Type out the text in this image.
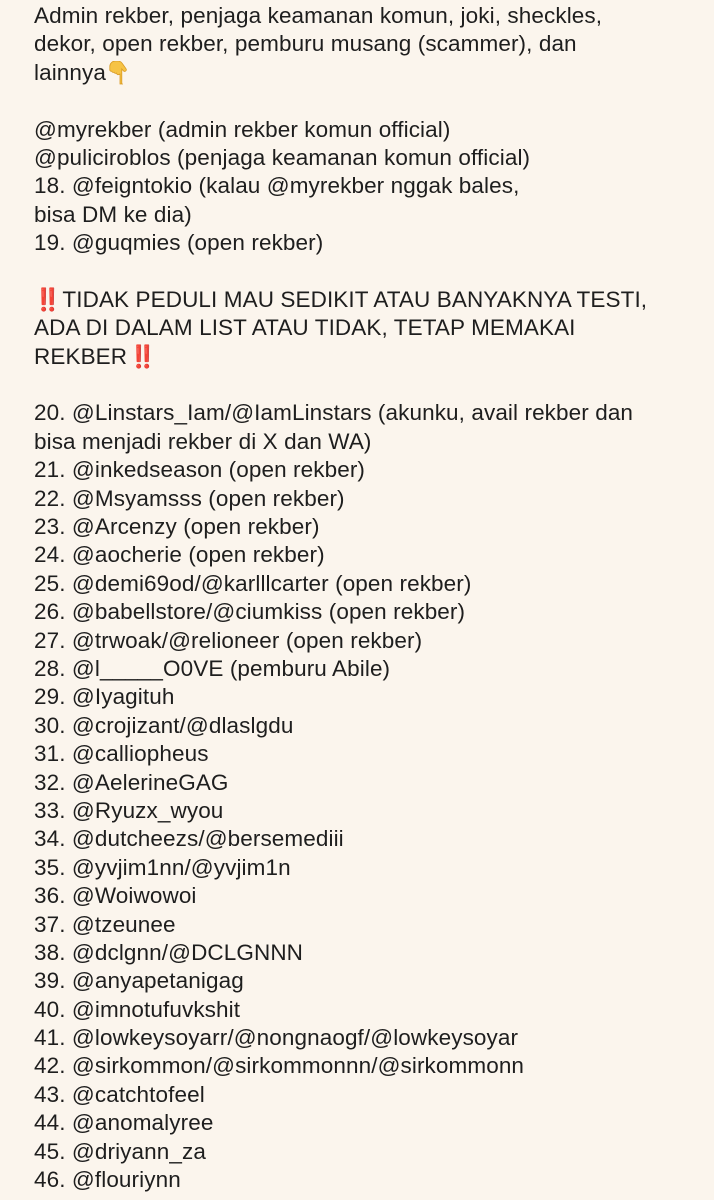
Admin rekber, penjaga keamanan komun, joki, sheckles,
dekor, open rekber, pemburu musang (scammer), dan
lainnya
@myrekber (admin rekber komun official)
@puliciroblos (penjaga keamanan komun official)
18. @feigntokio (kalau @myrekber nggak bales,
bisa DM ke dia)
19. @guqmies (open rekber)
‼️ TIDAK PEDULI MAU SEDIKIT ATAU BANYAKNYA TESTI,
ADA DI DALAM LIST ATAU TIDAK, TETAP MEMAKAI
REKBER‼️
20. @Linstars_Iam/@IamLinstars (akunku, avail rekber dan
bisa menjadi rekber di X dan WA)
21. @inkedseason (open rekber)
22. @Msyamsss (open rekber)
23. @Arcenzy (open rekber)
24. @aocherie (open rekber)
25. @demi69od/@karlllcarter (open rekber)
26. @babellstore/@ciumkiss (open rekber)
27. @trwoak/@relioneer (open rekber)
28. @l_____O0VE (pemburu Abile)
29. @Iyagituh
30. @crojizant/@dlaslgdu
31. @calliopheus
32. @AelerineGAG
33. @Ryuzx_wyou
34. @dutcheezs/@bersemediii
35. @yvjim1nn/@yvjim1n
36. @Woiwowoi
37. @tzeunee
38. @dclgnn/@DCLGNNN
39. @anyapetanigag
40. @imnotufuvkshit
41. @lowkeysoyarr/@nongnaogf/@lowkeysoyar
42. @sirkommon/@sirkommonnn/@sirkommonn
43. @catchtofeel
44. @anomalyree
45. @driyann_za
46. @flouriynn
